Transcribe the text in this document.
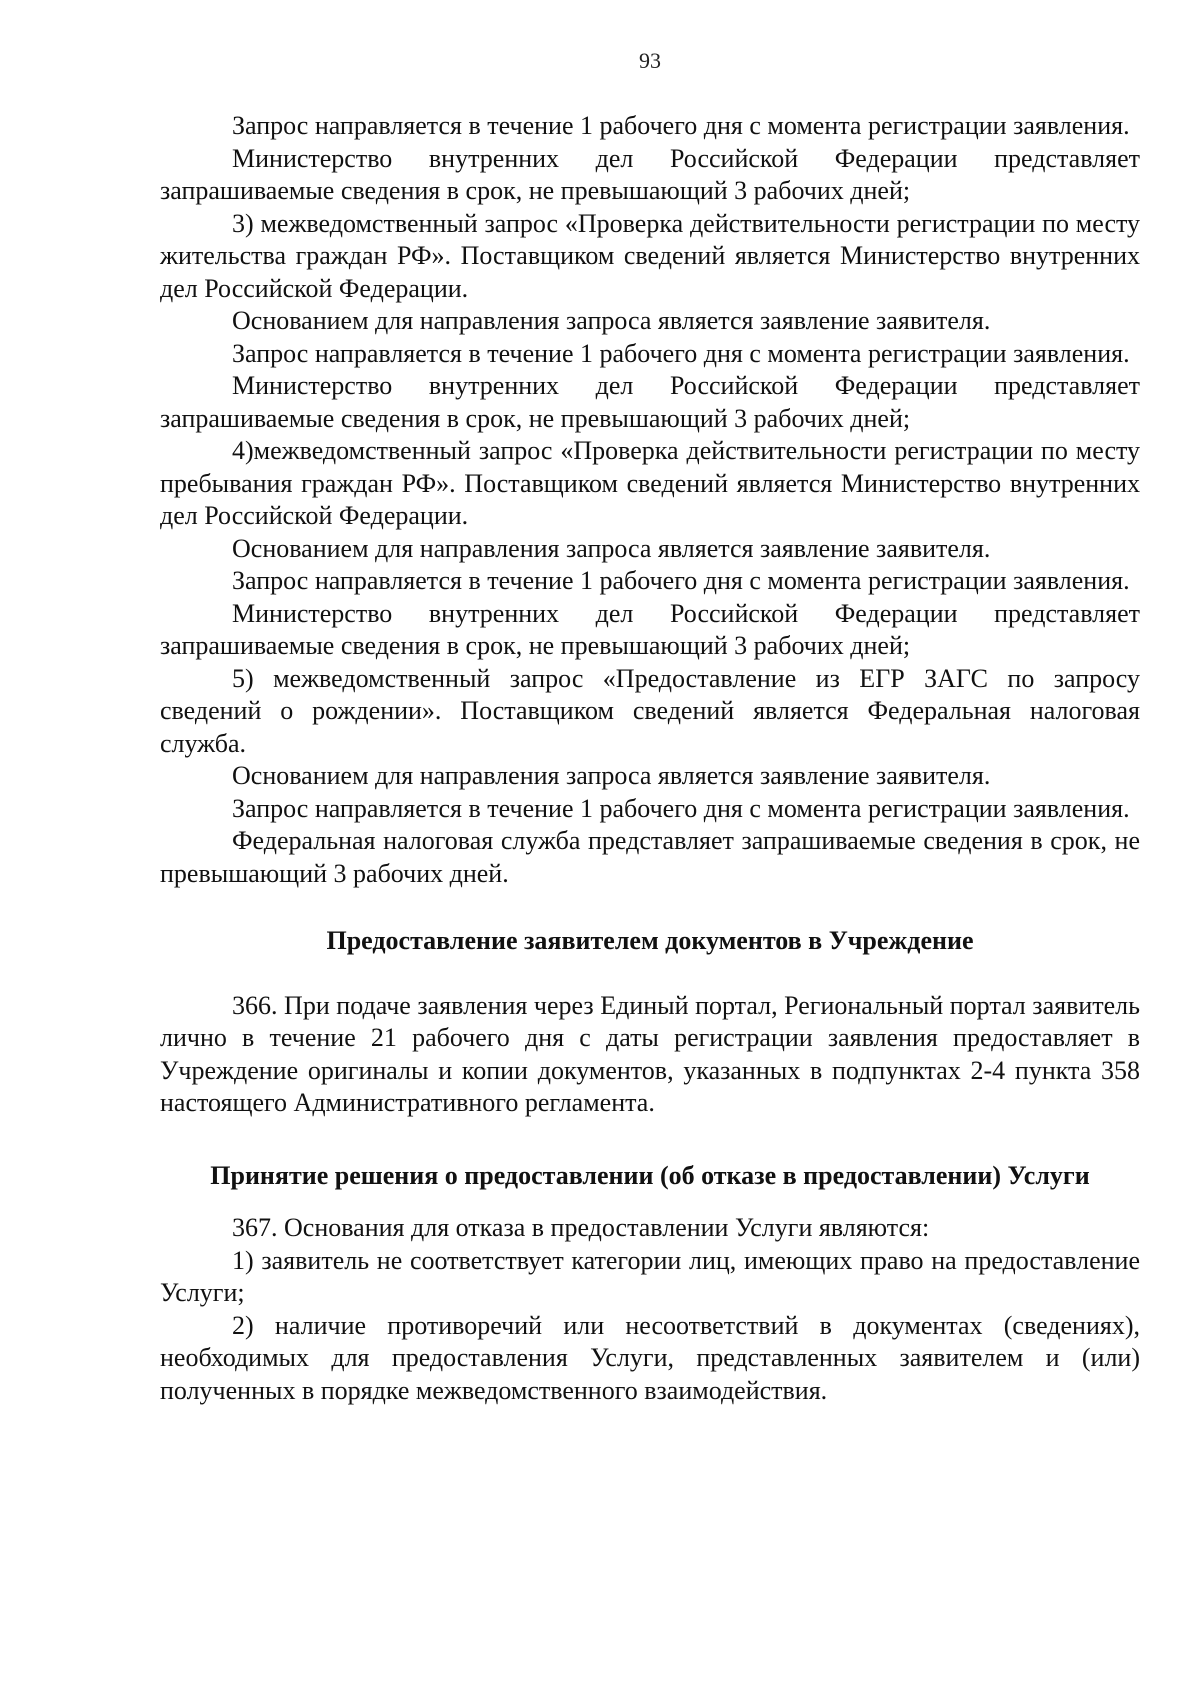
93

Запрос направляется в течение 1 рабочего дня с момента регистрации заявления.

Министерство внутренних дел Российской Федерации представляет запрашиваемые сведения в срок, не превышающий 3 рабочих дней;

3) межведомственный запрос «Проверка действительности регистрации по месту жительства граждан РФ». Поставщиком сведений является Министерство внутренних дел Российской Федерации.

Основанием для направления запроса является заявление заявителя.

Запрос направляется в течение 1 рабочего дня с момента регистрации заявления.

Министерство внутренних дел Российской Федерации представляет запрашиваемые сведения в срок, не превышающий 3 рабочих дней;

4)межведомственный запрос «Проверка действительности регистрации по месту пребывания граждан РФ». Поставщиком сведений является Министерство внутренних дел Российской Федерации.

Основанием для направления запроса является заявление заявителя.

Запрос направляется в течение 1 рабочего дня с момента регистрации заявления.

Министерство внутренних дел Российской Федерации представляет запрашиваемые сведения в срок, не превышающий 3 рабочих дней;

5) межведомственный запрос «Предоставление из ЕГР ЗАГС по запросу сведений о рождении». Поставщиком сведений является Федеральная налоговая служба.

Основанием для направления запроса является заявление заявителя.

Запрос направляется в течение 1 рабочего дня с момента регистрации заявления.

Федеральная налоговая служба представляет запрашиваемые сведения в срок, не превышающий 3 рабочих дней.

Предоставление заявителем документов в Учреждение

366. При подаче заявления через Единый портал, Региональный портал заявитель лично в течение 21 рабочего дня с даты регистрации заявления предоставляет в Учреждение оригиналы и копии документов, указанных в подпунктах 2-4 пункта 358 настоящего Административного регламента.

Принятие решения о предоставлении (об отказе в предоставлении) Услуги

367. Основания для отказа в предоставлении Услуги являются:

1) заявитель не соответствует категории лиц, имеющих право на предоставление Услуги;

2) наличие противоречий или несоответствий в документах (сведениях), необходимых для предоставления Услуги, представленных заявителем и (или) полученных в порядке межведомственного взаимодействия.
